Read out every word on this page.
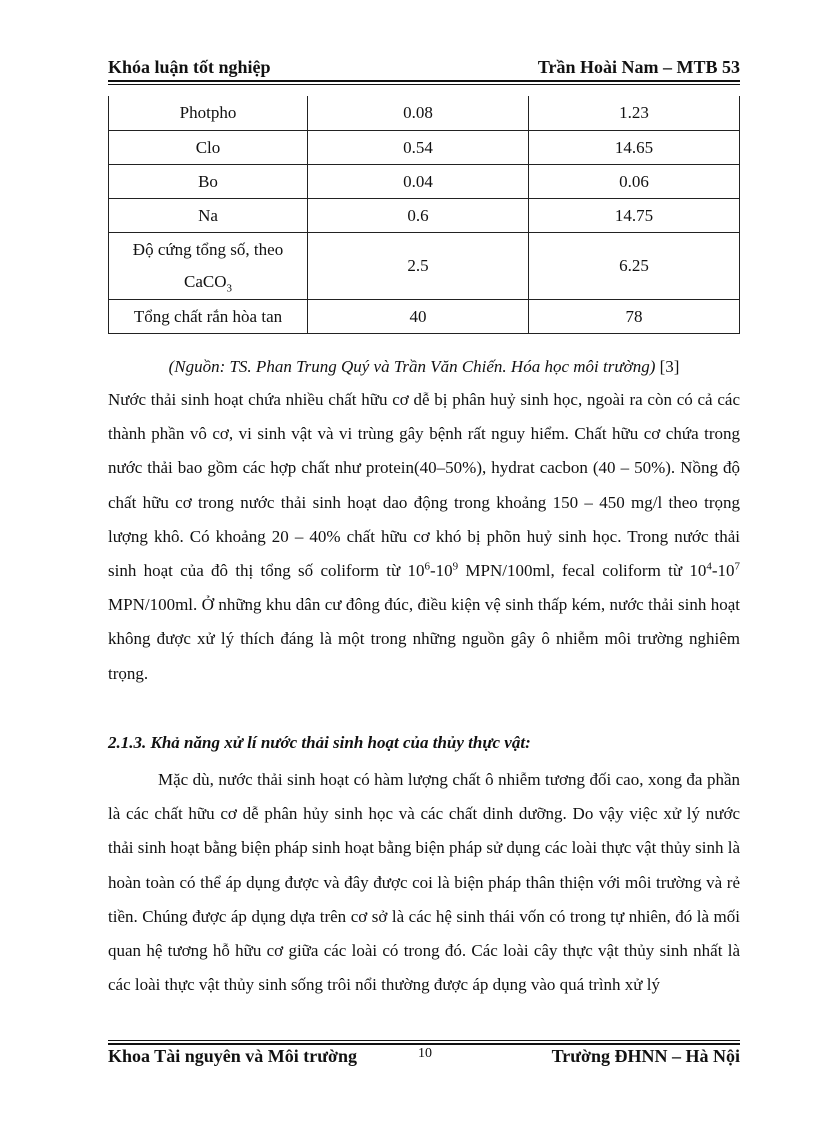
Khóa luận tốt nghiệp	Trần Hoài Nam – MTB 53
Photpho	0.08	1.23
Clo	0.54	14.65
Bo	0.04	0.06
Na	0.6	14.75
Độ cứng tổng số, theo
CaCO$_3$	2.5	6.25
Tổng chất rắn hòa tan	40	78
(Nguồn: TS. Phan Trung Quý và Trần Văn Chiến. Hóa học môi trường) [3]
Nước thải sinh hoạt chứa nhiều chất hữu cơ dễ bị phân huỷ sinh học, ngoài ra còn có cả các thành phần vô cơ, vi sinh vật và vi trùng gây bệnh rất nguy hiểm. Chất hữu cơ chứa trong nước thải bao gồm các hợp chất như protein(40–50%), hydrat cacbon (40 – 50%). Nồng độ chất hữu cơ trong nước thải sinh hoạt dao động trong khoảng 150 – 450 mg/l theo trọng lượng khô. Có khoảng 20 – 40% chất hữu cơ khó bị phõn huỷ sinh học. Trong nước thải sinh hoạt của đô thị tổng số coliform từ $10^6-10^9$ MPN/100ml, fecal coliform từ $10^4-10^7$ MPN/100ml. Ở những khu dân cư đông đúc, điều kiện vệ sinh thấp kém, nước thải sinh hoạt không được xử lý thích đáng là một trong những nguồn gây ô nhiễm môi trường nghiêm trọng.
2.1.3. Khả năng xử lí nước thải sinh hoạt của thủy thực vật:
Mặc dù, nước thải sinh hoạt có hàm lượng chất ô nhiễm tương đối cao, xong đa phần là các chất hữu cơ dễ phân hủy sinh học và các chất dinh dưỡng. Do vậy việc xử lý nước thải sinh hoạt bằng biện pháp sinh hoạt bằng biện pháp sử dụng các loài thực vật thủy sinh là hoàn toàn có thể áp dụng được và đây được coi là biện pháp thân thiện với môi trường và rẻ tiền. Chúng được áp dụng dựa trên cơ sở là các hệ sinh thái vốn có trong tự nhiên, đó là mối quan hệ tương hỗ hữu cơ giữa các loài có trong đó. Các loài cây thực vật thủy sinh nhất là các loài thực vật thủy sinh sống trôi nổi thường được áp dụng vào quá trình xử lý
Khoa Tài nguyên và Môi trường	10	Trường ĐHNN – Hà Nội
